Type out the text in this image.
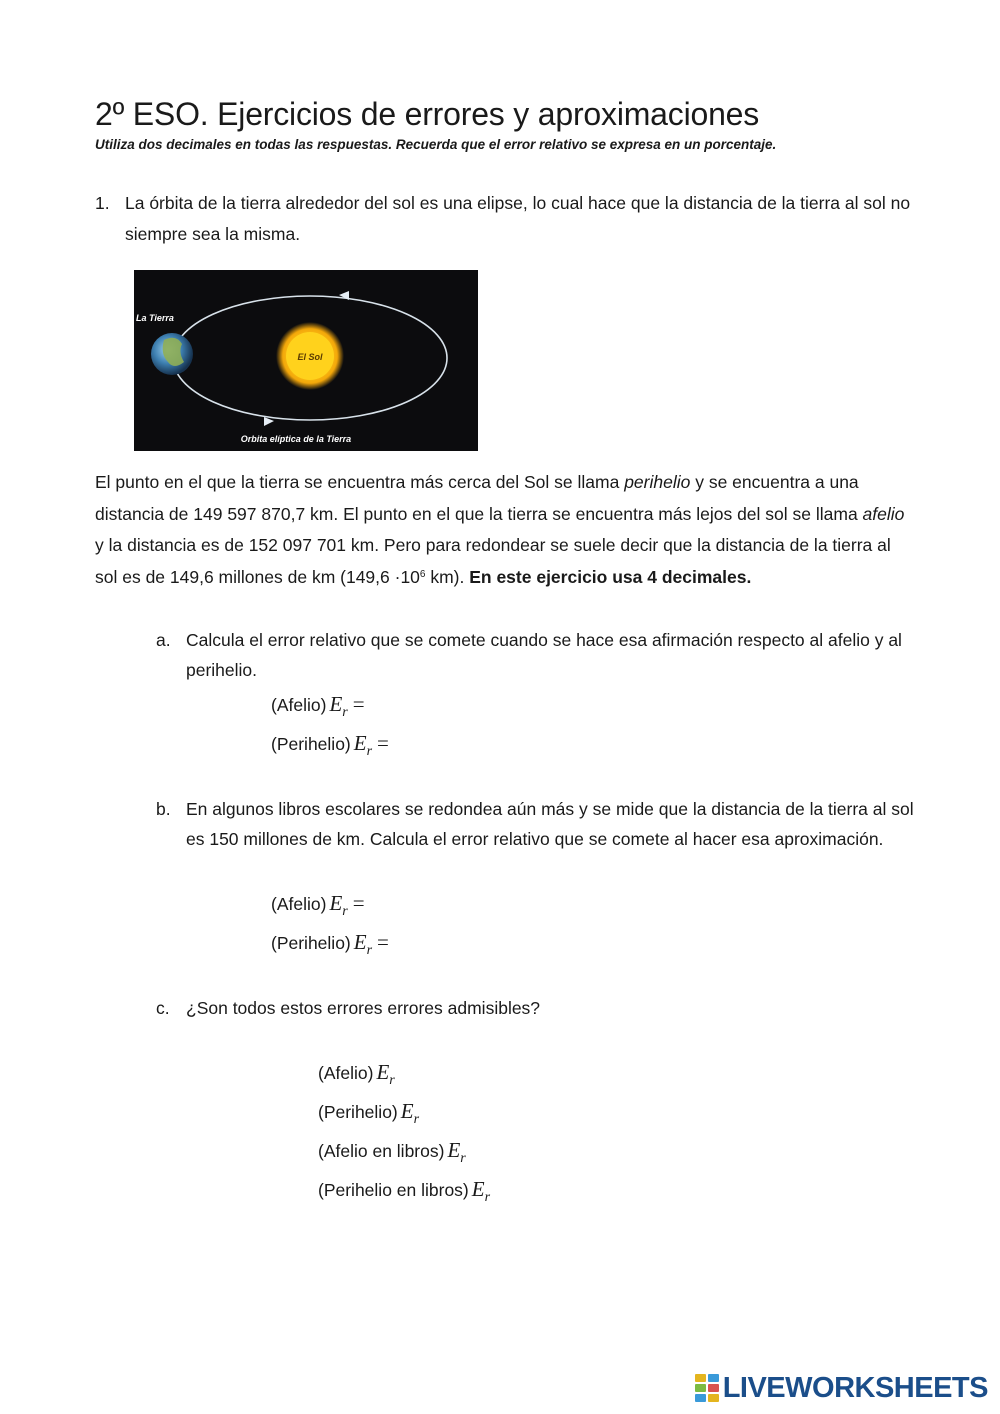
2º ESO. Ejercicios de errores y aproximaciones
Utiliza dos decimales en todas las respuestas. Recuerda que el error relativo se expresa en un porcentaje.
1. La órbita de la tierra alrededor del sol es una elipse, lo cual hace que la distancia de la tierra al sol no siempre sea la misma.
El Sol
La Tierra
Orbita elíptica de la Tierra
El punto en el que la tierra se encuentra más cerca del Sol se llama perihelio y se encuentra a una distancia de 149 597 870,7 km. El punto en el que la tierra se encuentra más lejos del sol se llama afelio y la distancia es de 152 097 701 km. Pero para redondear se suele decir que la distancia de la tierra al sol es de 149,6 millones de km ($149,6 \cdot 10^6$ km). En este ejercicio usa 4 decimales.
a. Calcula el error relativo que se comete cuando se hace esa afirmación respecto al afelio y al perihelio.
(Afelio) $E_r$ =
(Perihelio) $E_r$ =
b. En algunos libros escolares se redondea aún más y se mide que la distancia de la tierra al sol es 150 millones de km. Calcula el error relativo que se comete al hacer esa aproximación.
(Afelio) $E_r$ =
(Perihelio) $E_r$ =
c. ¿Son todos estos errores errores admisibles?
(Afelio) $E_r$
(Perihelio) $E_r$
(Afelio en libros) $E_r$
(Perihelio en libros) $E_r$
LIVEWORKSHEETS
